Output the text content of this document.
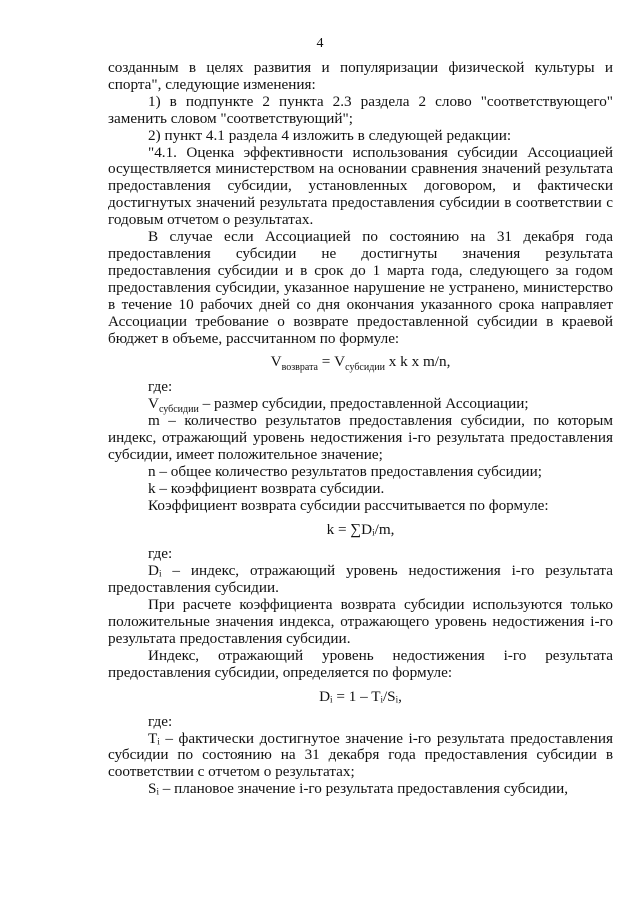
4

созданным в целях развития и популяризации физической культуры и спорта", следующие изменения:

1) в подпункте 2 пункта 2.3 раздела 2 слово "соответствующего" заменить словом "соответствующий";

2) пункт 4.1 раздела 4 изложить в следующей редакции:

"4.1. Оценка эффективности использования субсидии Ассоциацией осуществляется министерством на основании сравнения значений результата предоставления субсидии, установленных договором, и фактически достигнутых значений результата предоставления субсидии в соответствии с годовым отчетом о результатах.

В случае если Ассоциацией по состоянию на 31 декабря года предоставления субсидии не достигнуты значения результата предоставления субсидии и в срок до 1 марта года, следующего за годом предоставления субсидии, указанное нарушение не устранено, министерство в течение 10 рабочих дней со дня окончания указанного срока направляет Ассоциации требование о возврате предоставленной субсидии в краевой бюджет в объеме, рассчитанном по формуле:

$V_{возврата} = V_{субсидии}$ x k x m/n,

где:

$V_{субсидии}$ – размер субсидии, предоставленной Ассоциации;

m – количество результатов предоставления субсидии, по которым индекс, отражающий уровень недостижения i-го результата предоставления субсидии, имеет положительное значение;

n – общее количество результатов предоставления субсидии;

k – коэффициент возврата субсидии.

Коэффициент возврата субсидии рассчитывается по формуле:

k = ∑Dᵢ/m,

где:

Dᵢ – индекс, отражающий уровень недостижения i-го результата предоставления субсидии.

При расчете коэффициента возврата субсидии используются только положительные значения индекса, отражающего уровень недостижения i-го результата предоставления субсидии.

Индекс, отражающий уровень недостижения i-го результата предоставления субсидии, определяется по формуле:

Dᵢ = 1 – Tᵢ/Sᵢ,

где:

Tᵢ – фактически достигнутое значение i-го результата предоставления субсидии по состоянию на 31 декабря года предоставления субсидии в соответствии с отчетом о результатах;

Sᵢ – плановое значение i-го результата предоставления субсидии,
